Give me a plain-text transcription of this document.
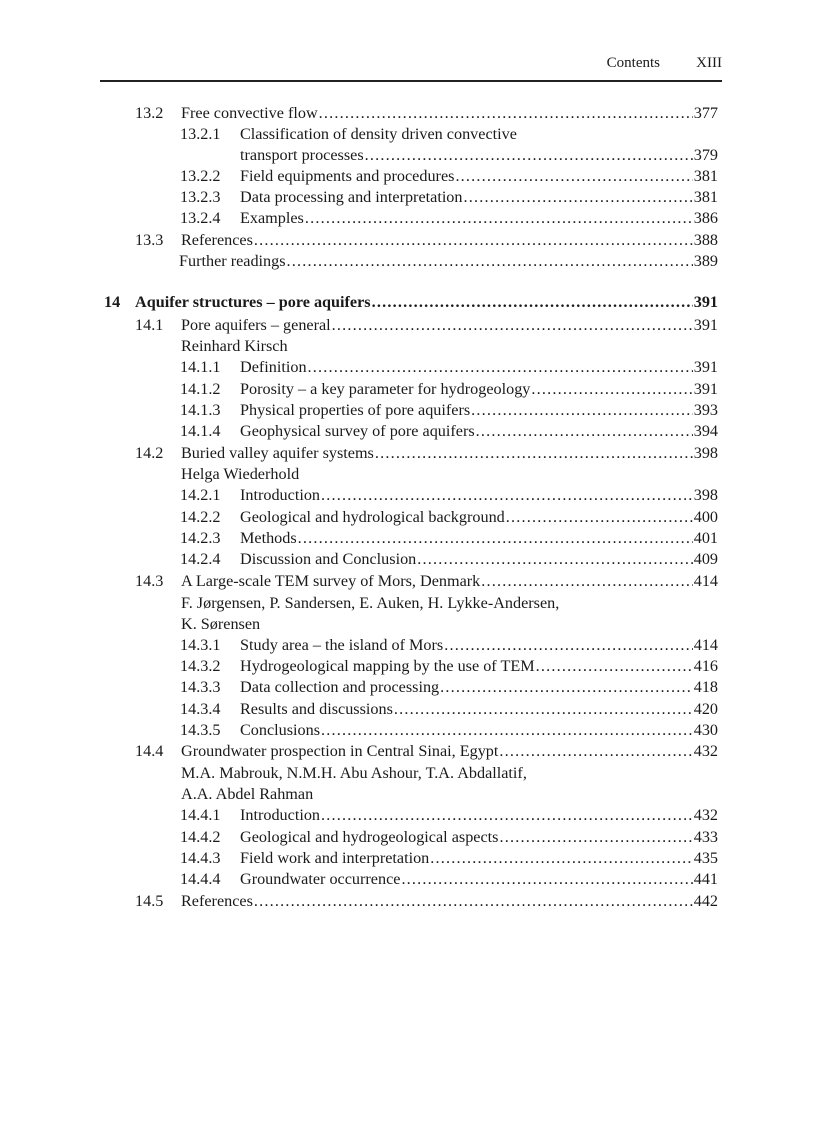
Contents XIII
13.2 Free convective flow .....	377
13.2.1 Classification of density driven convective
transport processes .....	379
13.2.2 Field equipments and procedures .....	381
13.2.3 Data processing and interpretation .....	381
13.2.4 Examples .....	386
13.3 References .....	388
Further readings .....	389
14 Aquifer structures – pore aquifers .....	391
14.1 Pore aquifers – general .....	391
Reinhard Kirsch
14.1.1 Definition .....	391
14.1.2 Porosity – a key parameter for hydrogeology .....	391
14.1.3 Physical properties of pore aquifers .....	393
14.1.4 Geophysical survey of pore aquifers .....	394
14.2 Buried valley aquifer systems .....	398
Helga Wiederhold
14.2.1 Introduction .....	398
14.2.2 Geological and hydrological background .....	400
14.2.3 Methods .....	401
14.2.4 Discussion and Conclusion .....	409
14.3 A Large-scale TEM survey of Mors, Denmark .....	414
F. Jørgensen, P. Sandersen, E. Auken, H. Lykke-Andersen,
K. Sørensen
14.3.1 Study area – the island of Mors .....	414
14.3.2 Hydrogeological mapping by the use of TEM .....	416
14.3.3 Data collection and processing .....	418
14.3.4 Results and discussions .....	420
14.3.5 Conclusions .....	430
14.4 Groundwater prospection in Central Sinai, Egypt .....	432
M.A. Mabrouk, N.M.H. Abu Ashour, T.A. Abdallatif,
A.A. Abdel Rahman
14.4.1 Introduction .....	432
14.4.2 Geological and hydrogeological aspects .....	433
14.4.3 Field work and interpretation .....	435
14.4.4 Groundwater occurrence .....	441
14.5 References .....	442
